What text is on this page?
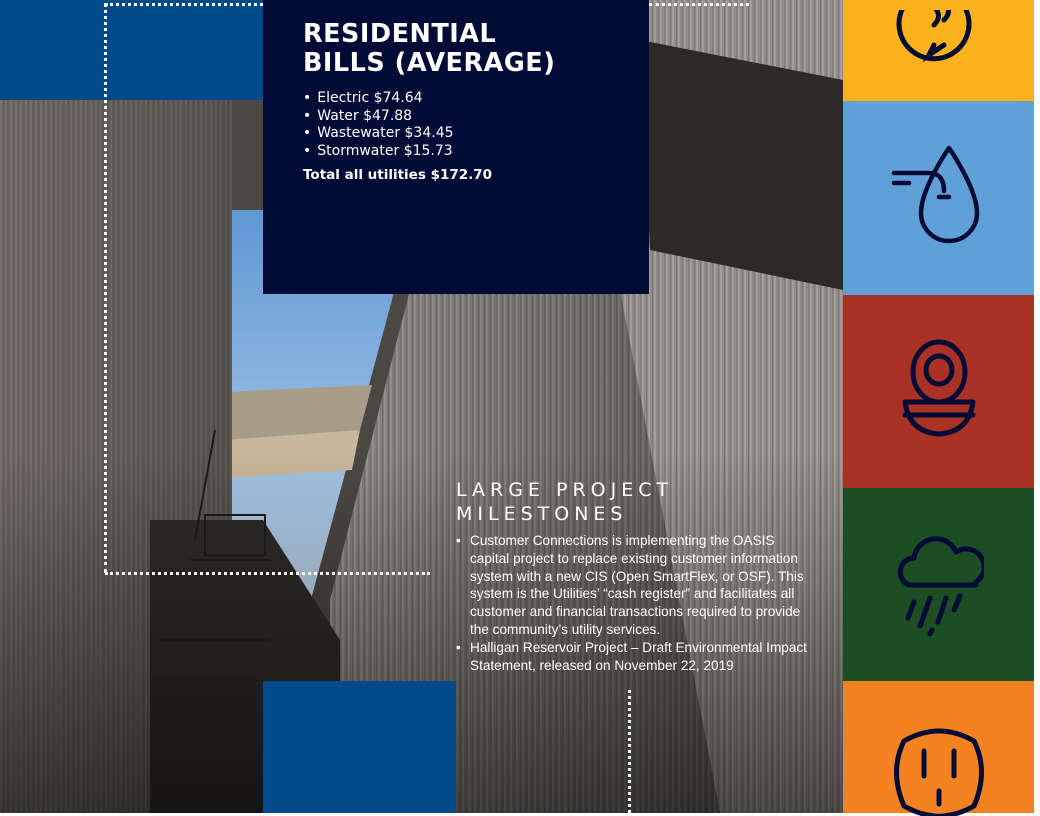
RESIDENTIAL
BILLS (AVERAGE)
• Electric $74.64
• Water $47.88
• Wastewater $34.45
• Stormwater $15.73
Total all utilities $172.70
LARGE PROJECT
MILESTONES
• Customer Connections is implementing the OASIS capital project to replace existing customer information system with a new CIS (Open SmartFlex, or OSF). This system is the Utilities’ “cash register” and facilitates all customer and financial transactions required to provide the community’s utility services.
• Halligan Reservoir Project – Draft Environmental Impact Statement, released on November 22, 2019
